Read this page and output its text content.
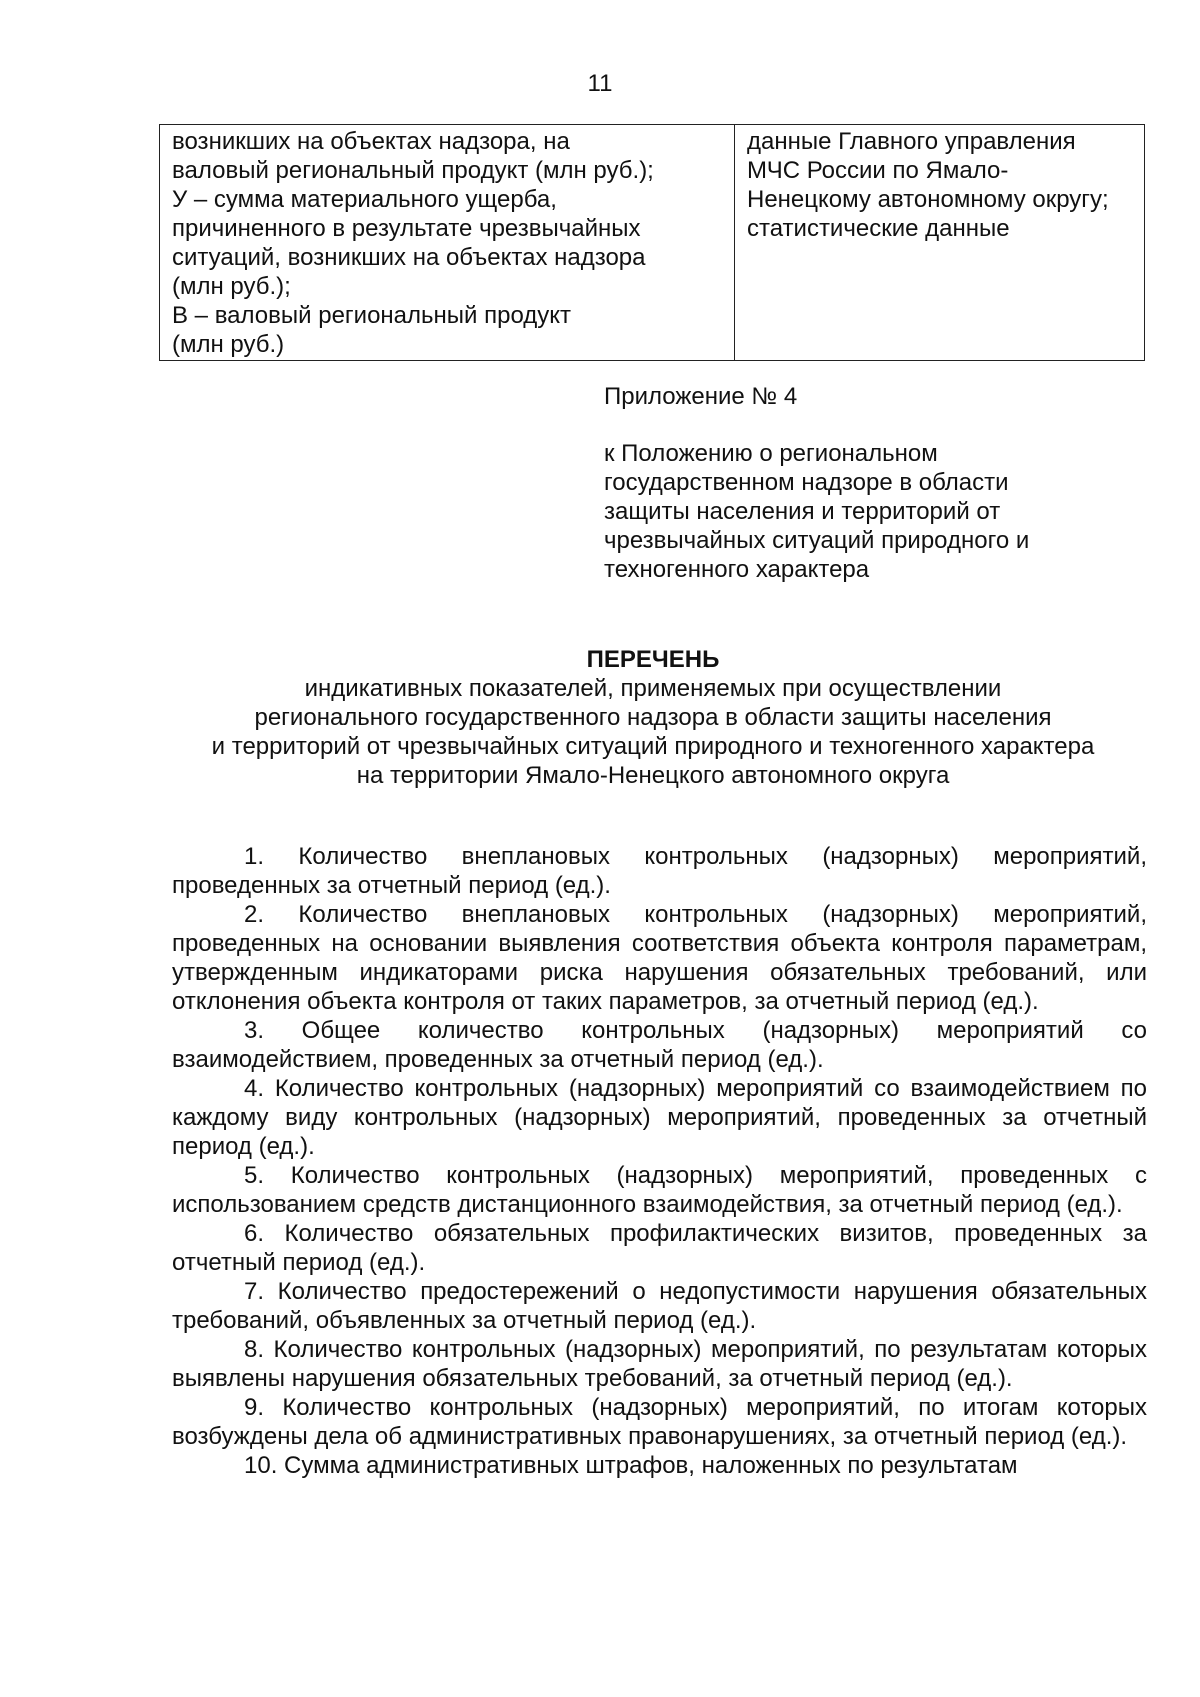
11
возникших на объектах надзора, на
валовый региональный продукт (млн руб.);
У – сумма материального ущерба,
причиненного в результате чрезвычайных
ситуаций, возникших на объектах надзора
(млн руб.);
В – валовый региональный продукт
(млн руб.)

данные Главного управления
МЧС России по Ямало-
Ненецкому автономному округу;
статистические данные

Приложение № 4

к Положению о региональном
государственном надзоре в области
защиты населения и территорий от
чрезвычайных ситуаций природного и
техногенного характера
ПЕРЕЧЕНЬ
индикативных показателей, применяемых при осуществлении
регионального государственного надзора в области защиты населения
и территорий от чрезвычайных ситуаций природного и техногенного характера
на территории Ямало-Ненецкого автономного округа

1. Количество внеплановых контрольных (надзорных) мероприятий, проведенных за отчетный период (ед.).

2. Количество внеплановых контрольных (надзорных) мероприятий, проведенных на основании выявления соответствия объекта контроля параметрам, утвержденным индикаторами риска нарушения обязательных требований, или отклонения объекта контроля от таких параметров, за отчетный период (ед.).

3. Общее количество контрольных (надзорных) мероприятий со взаимодействием, проведенных за отчетный период (ед.).

4. Количество контрольных (надзорных) мероприятий со взаимодействием по каждому виду контрольных (надзорных) мероприятий, проведенных за отчетный период (ед.).

5. Количество контрольных (надзорных) мероприятий, проведенных с использованием средств дистанционного взаимодействия, за отчетный период (ед.).

6. Количество обязательных профилактических визитов, проведенных за отчетный период (ед.).

7. Количество предостережений о недопустимости нарушения обязательных требований, объявленных за отчетный период (ед.).

8. Количество контрольных (надзорных) мероприятий, по результатам которых выявлены нарушения обязательных требований, за отчетный период (ед.).

9. Количество контрольных (надзорных) мероприятий, по итогам которых возбуждены дела об административных правонарушениях, за отчетный период (ед.).

10. Сумма административных штрафов, наложенных по результатам
